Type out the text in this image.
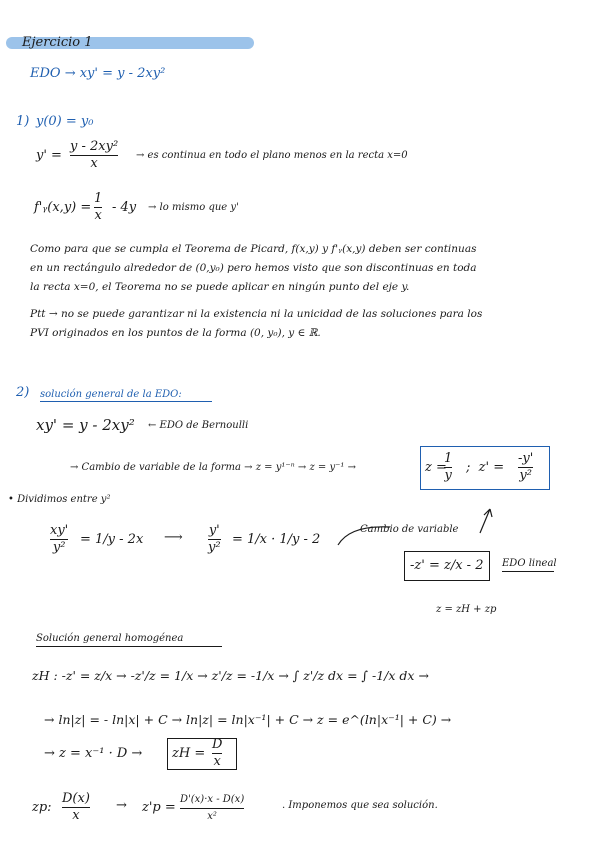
Ejercicio 1
EDO → xy' = y - 2xy²
1) y(0) = y₀
y' =
y - 2xy²
x
→ es continua en todo el plano menos en la recta x=0
f'ᵧ(x,y) =
1
x
- 4y → lo mismo que y'
Como para que se cumpla el Teorema de Picard, f(x,y) y f'ᵧ(x,y) deben ser continuas
en un rectángulo alrededor de (0,y₀) pero hemos visto que son discontinuas en toda
la recta x=0, el Teorema no se puede aplicar en ningún punto del eje y.
Ptt → no se puede garantizar ni la existencia ni la unicidad de las soluciones para los
PVI originados en los puntos de la forma (0, y₀), y ∈ ℝ.
2) solución general de la EDO:
xy' = y - 2xy² ← EDO de Bernoulli
→ Cambio de variable de la forma → z = y¹⁻ⁿ → z = y⁻¹ →	z =
1
y
;  z' =
-y'
y²
• Dividimos entre y²
xy'
y²
= 1/y - 2x ⟶ y'
y²
= 1/x · 1/y - 2
Cambio de variable
-z' = z/x - 2 EDO lineal
z = zH + zp
Solución general homogénea
zH : -z' = z/x → -z'/z = 1/x → z'/z = -1/x → ∫ z'/z dx = ∫ -1/x dx →
→ ln|z| = - ln|x| + C → ln|z| = ln|x⁻¹| + C → z = e^(ln|x⁻¹| + C) →
→ z = x⁻¹ · D → zH =
D
x
zp:
D(x)
x
→ z'p =
D'(x)·x - D(x)
x²
. Imponemos que sea solución.
